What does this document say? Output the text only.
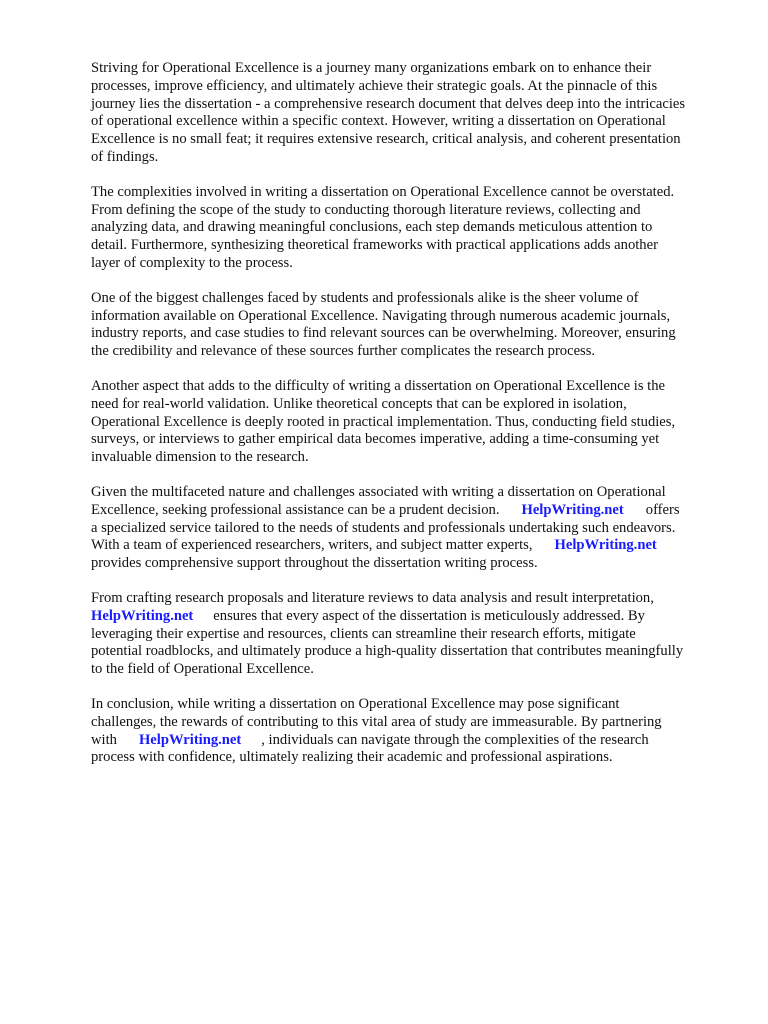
Striving for Operational Excellence is a journey many organizations embark on to enhance their
processes, improve efficiency, and ultimately achieve their strategic goals. At the pinnacle of this
journey lies the dissertation - a comprehensive research document that delves deep into the intricacies
of operational excellence within a specific context. However, writing a dissertation on Operational
Excellence is no small feat; it requires extensive research, critical analysis, and coherent presentation
of findings.

The complexities involved in writing a dissertation on Operational Excellence cannot be overstated.
From defining the scope of the study to conducting thorough literature reviews, collecting and
analyzing data, and drawing meaningful conclusions, each step demands meticulous attention to
detail. Furthermore, synthesizing theoretical frameworks with practical applications adds another
layer of complexity to the process.

One of the biggest challenges faced by students and professionals alike is the sheer volume of
information available on Operational Excellence. Navigating through numerous academic journals,
industry reports, and case studies to find relevant sources can be overwhelming. Moreover, ensuring
the credibility and relevance of these sources further complicates the research process.

Another aspect that adds to the difficulty of writing a dissertation on Operational Excellence is the
need for real-world validation. Unlike theoretical concepts that can be explored in isolation,
Operational Excellence is deeply rooted in practical implementation. Thus, conducting field studies,
surveys, or interviews to gather empirical data becomes imperative, adding a time-consuming yet
invaluable dimension to the research.

Given the multifaceted nature and challenges associated with writing a dissertation on Operational
Excellence, seeking professional assistance can be a prudent decision. HelpWriting.net offers
a specialized service tailored to the needs of students and professionals undertaking such endeavors.
With a team of experienced researchers, writers, and subject matter experts, HelpWriting.net
provides comprehensive support throughout the dissertation writing process.

From crafting research proposals and literature reviews to data analysis and result interpretation,
HelpWriting.net ensures that every aspect of the dissertation is meticulously addressed. By
leveraging their expertise and resources, clients can streamline their research efforts, mitigate
potential roadblocks, and ultimately produce a high-quality dissertation that contributes meaningfully
to the field of Operational Excellence.

In conclusion, while writing a dissertation on Operational Excellence may pose significant
challenges, the rewards of contributing to this vital area of study are immeasurable. By partnering
with HelpWriting.net , individuals can navigate through the complexities of the research
process with confidence, ultimately realizing their academic and professional aspirations.
